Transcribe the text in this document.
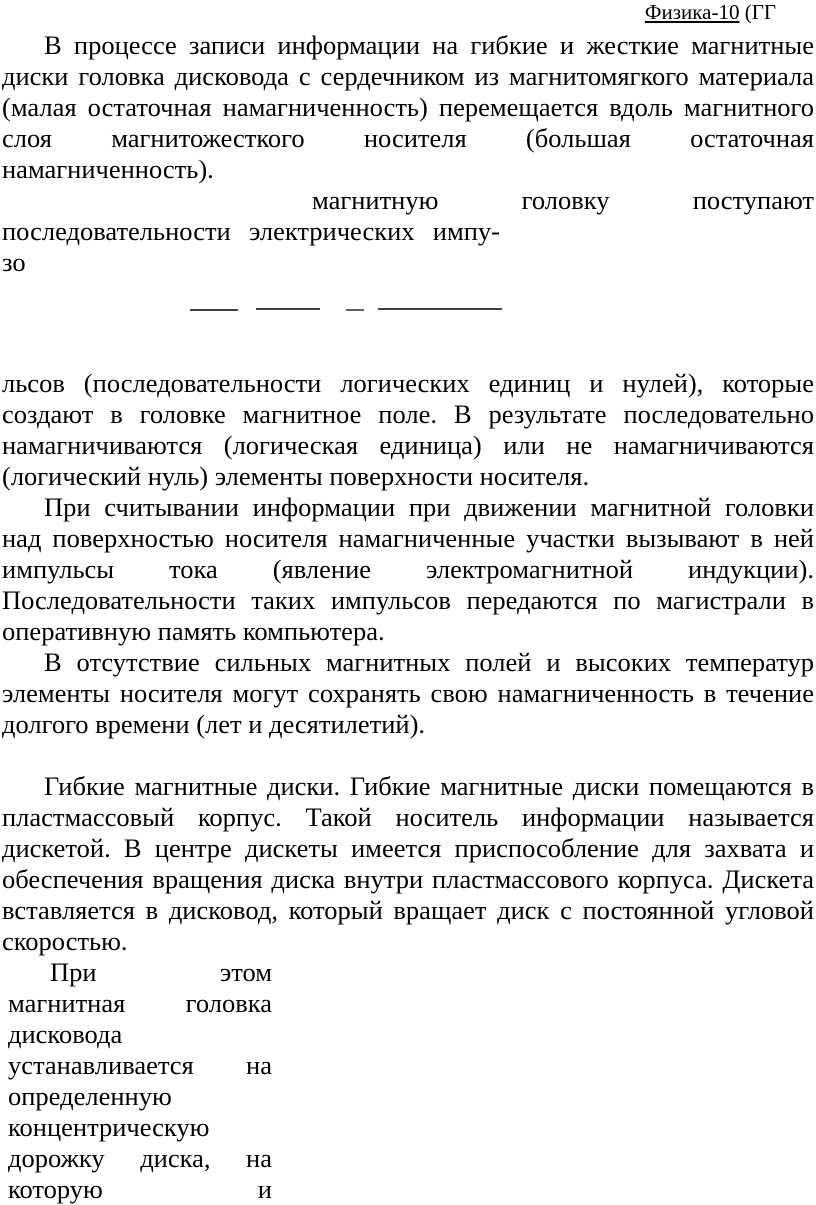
Физика-10 (ГГ

В процессе записи информации на гибкие и жесткие магнитные диски головка дисковода с сердечником из магнитомягкого материала (малая остаточная намагниченность) перемещается вдоль магнитного слоя магнитожесткого носителя (большая остаточная намагниченность).

магнитную головку поступают

последовательности электрических импу-

зо

льсов (последовательности логических единиц и нулей), которые создают в головке магнитное поле. В результате последовательно намагничиваются (логическая единица) или не намагничиваются (логический нуль) элементы поверхности носителя.

При считывании информации при движении магнитной головки над поверхностью носителя намагниченные участки вызывают в ней импульсы тока (явление электромагнитной индукции). Последовательности таких импульсов передаются по магистрали в оперативную память компьютера.

В отсутствие сильных магнитных полей и высоких температур элементы носителя могут сохранять свою намагниченность в течение долгого времени (лет и десятилетий).

Гибкие магнитные диски. Гибкие магнитные диски помещаются в пластмассовый корпус. Такой носитель информации называется дискетой. В центре дискеты имеется приспособление для захвата и обеспечения вращения диска внутри пластмассового корпуса. Дискета вставляется в дисковод, который вращает диск с постоянной угловой скоростью.

При этом

магнитная головка

дисковода

устанавливается на

определенную

концентрическую

дорожку диска, на

которую и
